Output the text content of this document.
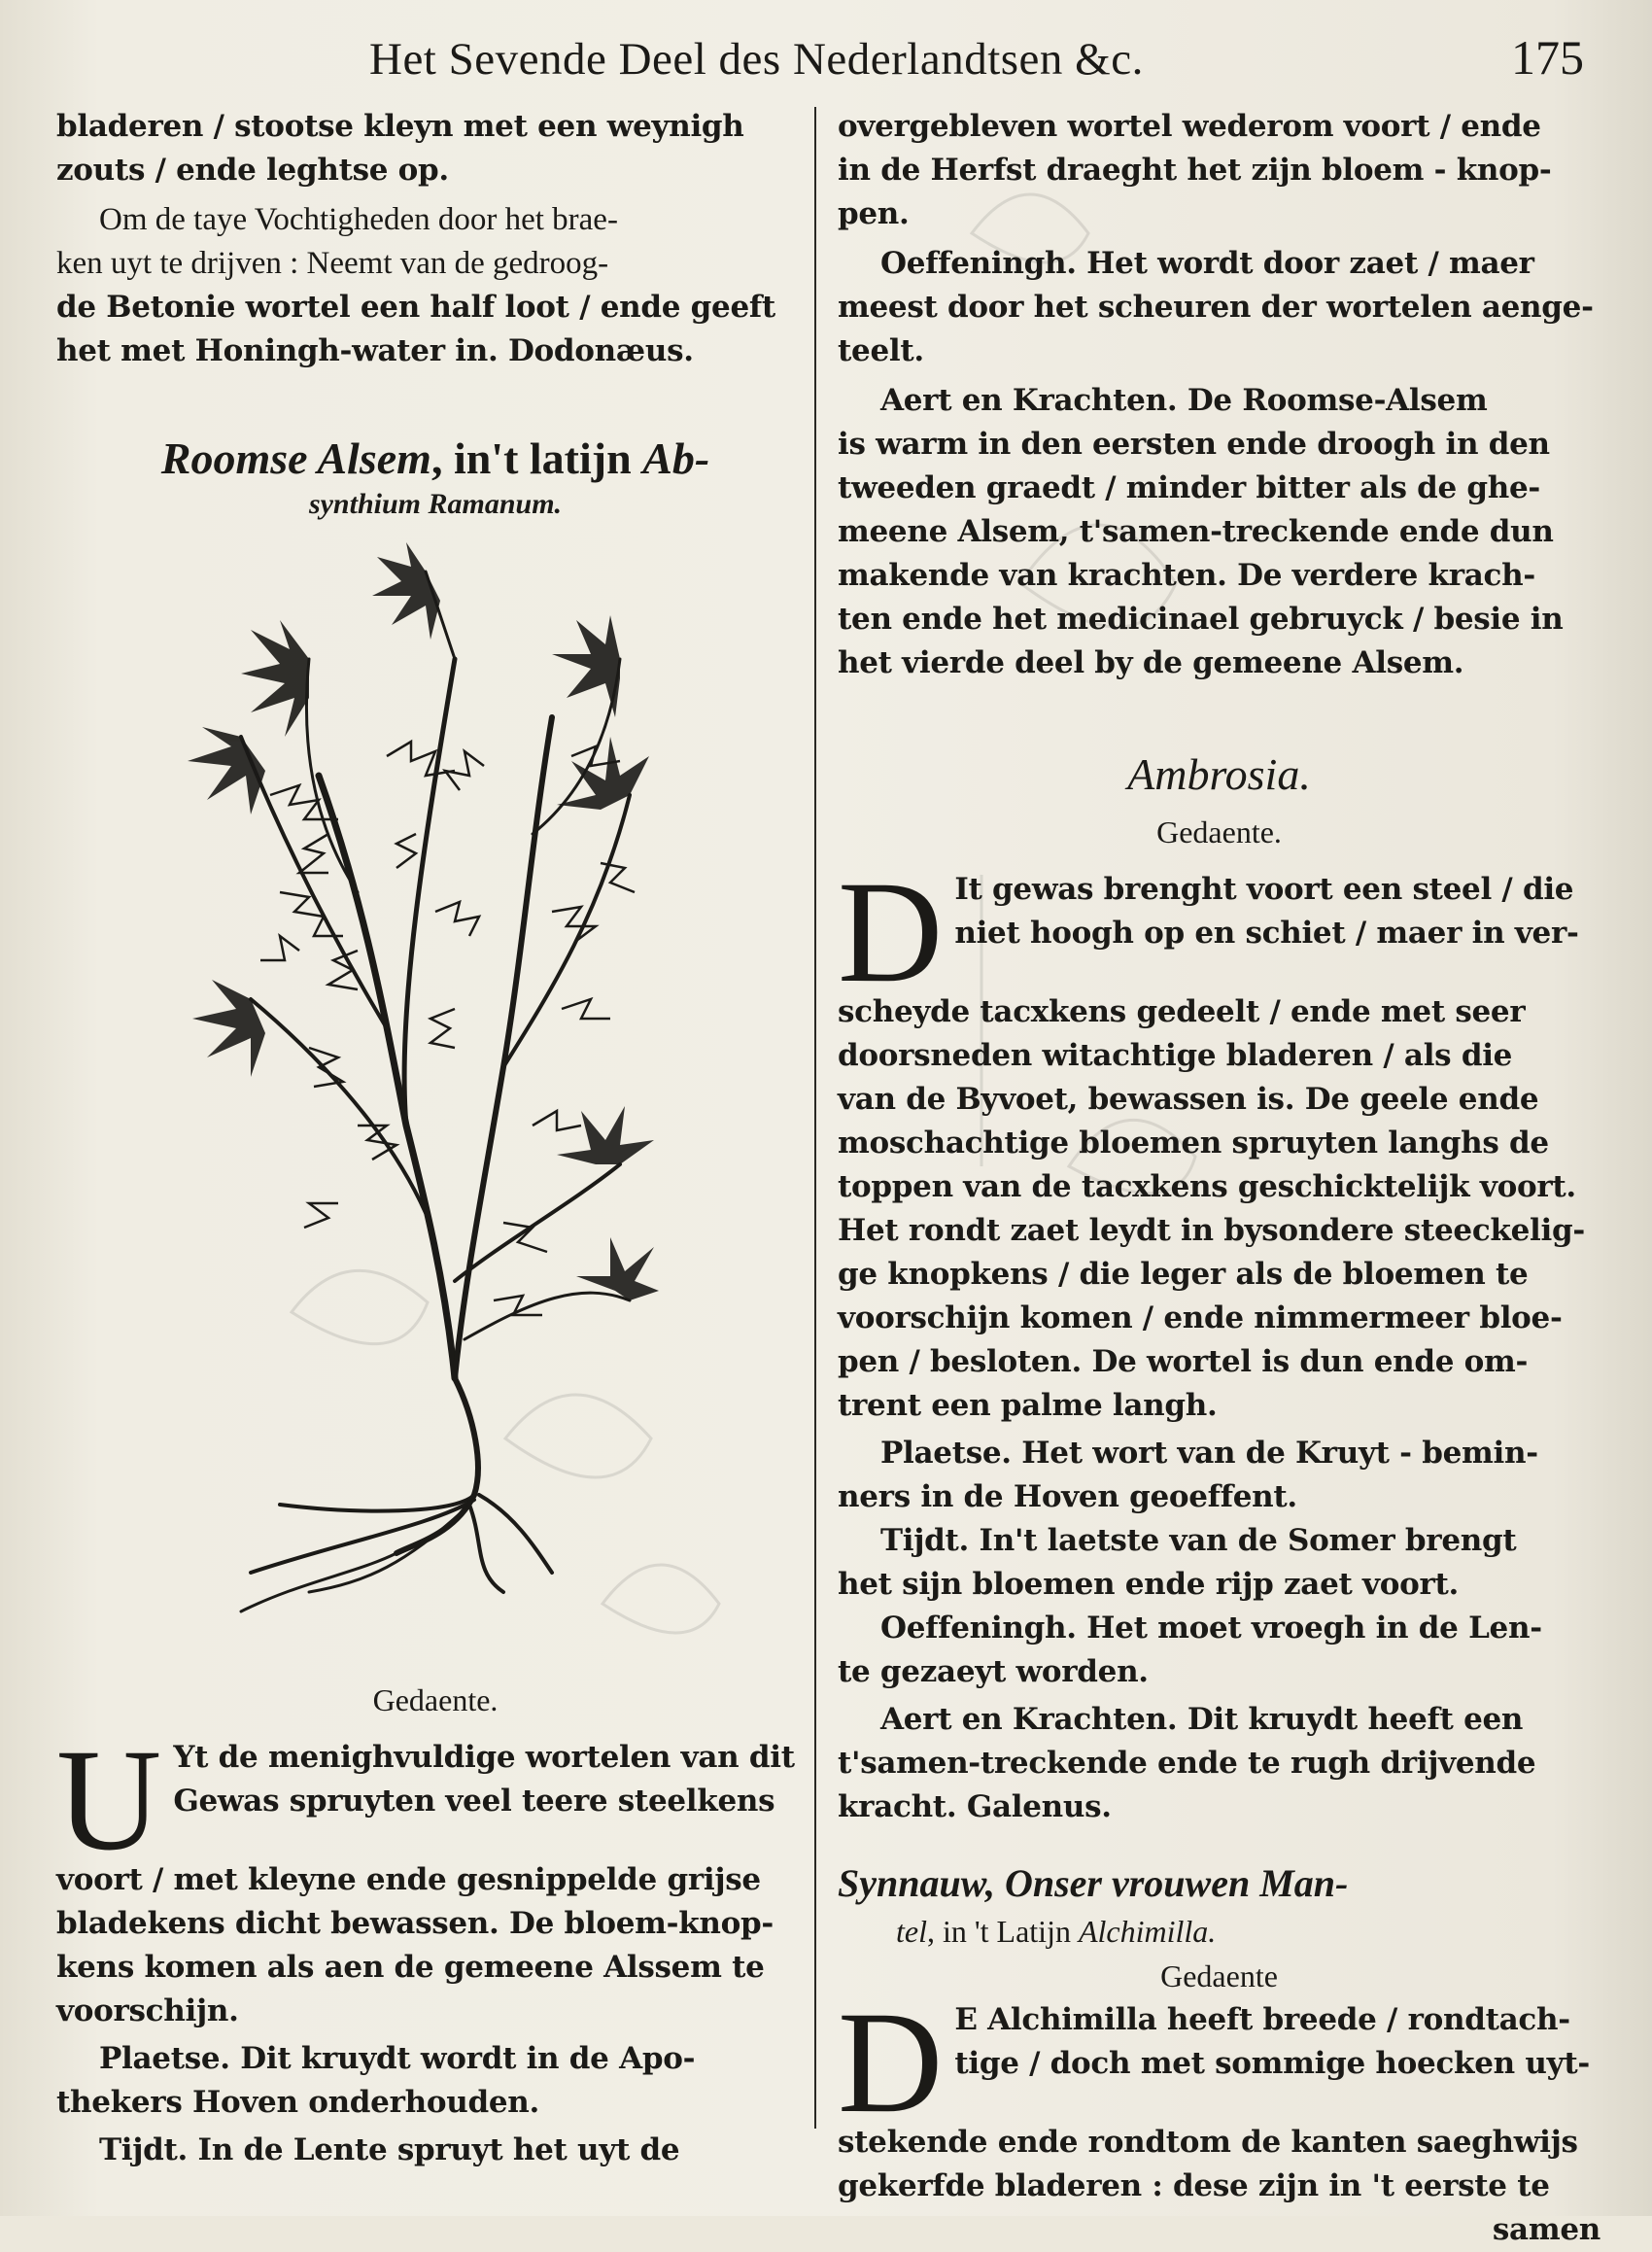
Het Sevende Deel des Nederlandtsen &c.	175

bladeren / stootse kleyn met een weynigh

zouts / ende leghtse op.

Om de taye Vochtigheden door het brae-

ken uyt te drijven : Neemt van de gedroog-

de Betonie wortel een half loot / ende geeft

het met Honingh-water in. Dodonæus.

Roomse Alsem, in't latijn Ab-

synthium Ramanum.

Gedaente.

U Yt de menighvuldige wortelen van dit

Gewas spruyten veel teere steelkens

voort / met kleyne ende gesnippelde grijse

bladekens dicht bewassen. De bloem-knop-

kens komen als aen de gemeene Alssem te

voorschijn.

Plaetse. Dit kruydt wordt in de Apo-

thekers Hoven onderhouden.

Tijdt. In de Lente spruyt het uyt de

overgebleven wortel wederom voort / ende

in de Herfst draeght het zijn bloem - knop-

pen.

Oeffeningh. Het wordt door zaet / maer

meest door het scheuren der wortelen aenge-

teelt.

Aert en Krachten. De Roomse-Alsem

is warm in den eersten ende droogh in den

tweeden graedt / minder bitter als de ghe-

meene Alsem, t'samen-treckende ende dun

makende van krachten. De verdere krach-

ten ende het medicinael gebruyck / besie in

het vierde deel by de gemeene Alsem.

Ambrosia.

Gedaente.

D It gewas brenght voort een steel / die

niet hoogh op en schiet / maer in ver-

scheyde tacxkens gedeelt / ende met seer

doorsneden witachtige bladeren / als die

van de Byvoet, bewassen is. De geele ende

moschachtige bloemen spruyten langhs de

toppen van de tacxkens geschicktelijk voort.

Het rondt zaet leydt in bysondere steeckelig-

ge knopkens / die leger als de bloemen te

voorschijn komen / ende nimmermeer bloe-

pen / besloten. De wortel is dun ende om-

trent een palme langh.

Plaetse. Het wort van de Kruyt - bemin-

ners in de Hoven geoeffent.

Tijdt. In't laetste van de Somer brengt

het sijn bloemen ende rijp zaet voort.

Oeffeningh. Het moet vroegh in de Len-

te gezaeyt worden.

Aert en Krachten. Dit kruydt heeft een

t'samen-treckende ende te rugh drijvende

kracht. Galenus.

Synnauw, Onser vrouwen Man-

tel, in 't Latijn Alchimilla.

Gedaente

D E Alchimilla heeft breede / rondtach-

tige / doch met sommige hoecken uyt-

stekende ende rondtom de kanten saeghwijs

gekerfde bladeren : dese zijn in 't eerste te

samen
